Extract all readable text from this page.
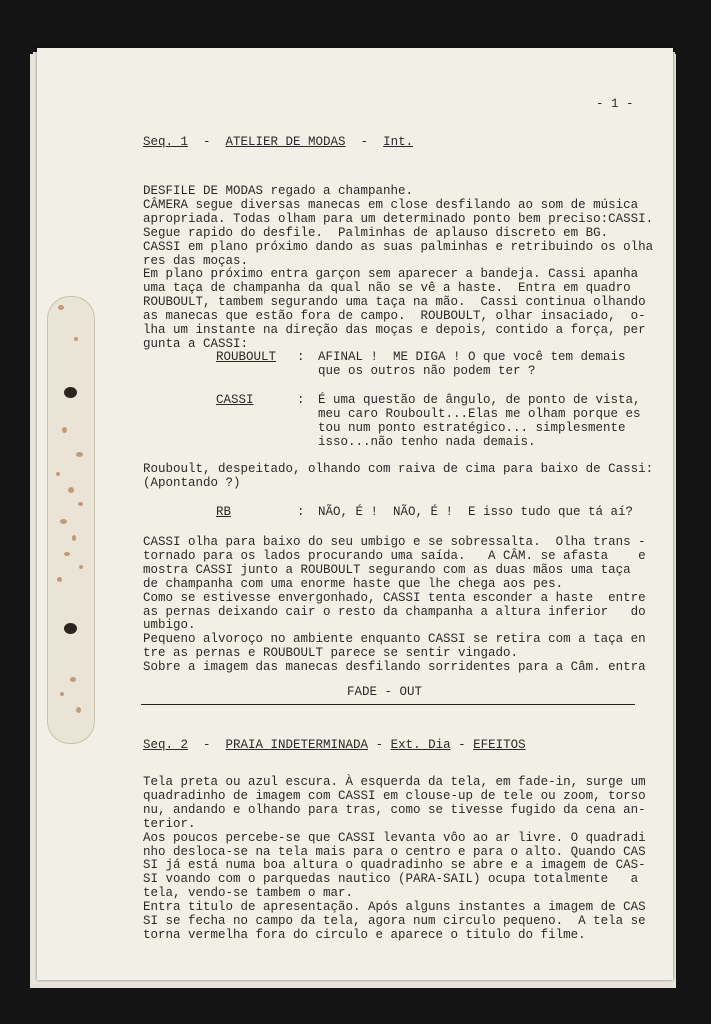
- 1 -

Seq. 1  -  ATELIER DE MODAS  -  Int.
DESFILE DE MODAS regado a champanhe.
CÂMERA segue diversas manecas em close desfilando ao som de música
apropriada. Todas olham para um determinado ponto bem preciso:CASSI.
Segue rapido do desfile.  Palminhas de aplauso discreto em BG.
CASSI em plano próximo dando as suas palminhas e retribuindo os olha
res das moças.
Em plano próximo entra garçon sem aparecer a bandeja. Cassi apanha
uma taça de champanha da qual não se vê a haste.  Entra em quadro
ROUBOULT, tambem segurando uma taça na mão.  Cassi continua olhando
as manecas que estão fora de campo.  ROUBOULT, olhar insaciado,  o-
lha um instante na direção das moças e depois, contido a força, per
gunta a CASSI:

ROUBOULT : AFINAL !  ME DIGA ! O que você tem demais
que os outros não podem ter ?

CASSI	: É uma questão de ângulo, de ponto de vista,
meu caro Rouboult...Elas me olham porque es
tou num ponto estratégico... simplesmente
isso...não tenho nada demais.
Rouboult, despeitado, olhando com raiva de cima para baixo de Cassi:
(Apontando ?)

RB	: NÃO, É !  NÃO, É !  E isso tudo que tá aí?
CASSI olha para baixo do seu umbigo e se sobressalta.  Olha trans -
tornado para os lados procurando uma saída.   A CÂM. se afasta    e
mostra CASSI junto a ROUBOULT segurando com as duas mãos uma taça
de champanha com uma enorme haste que lhe chega aos pes.
Como se estivesse envergonhado, CASSI tenta esconder a haste  entre
as pernas deixando cair o resto da champanha a altura inferior   do
umbigo.
Pequeno alvoroço no ambiente enquanto CASSI se retira com a taça en
tre as pernas e ROUBOULT parece se sentir vingado.
Sobre a imagem das manecas desfilando sorridentes para a Câm. entra

FADE - OUT

Seq. 2  -  PRAIA INDETERMINADA - Ext. Dia - EFEITOS
Tela preta ou azul escura. À esquerda da tela, em fade-in, surge um
quadradinho de imagem com CASSI em clouse-up de tele ou zoom, torso
nu, andando e olhando para tras, como se tivesse fugido da cena an-
terior.
Aos poucos percebe-se que CASSI levanta vôo ao ar livre. O quadradi
nho desloca-se na tela mais para o centro e para o alto. Quando CAS
SI já está numa boa altura o quadradinho se abre e a imagem de CAS-
SI voando com o parquedas nautico (PARA-SAIL) ocupa totalmente   a
tela, vendo-se tambem o mar.
Entra titulo de apresentação. Após alguns instantes a imagem de CAS
SI se fecha no campo da tela, agora num circulo pequeno.  A tela se
torna vermelha fora do circulo e aparece o titulo do filme.
